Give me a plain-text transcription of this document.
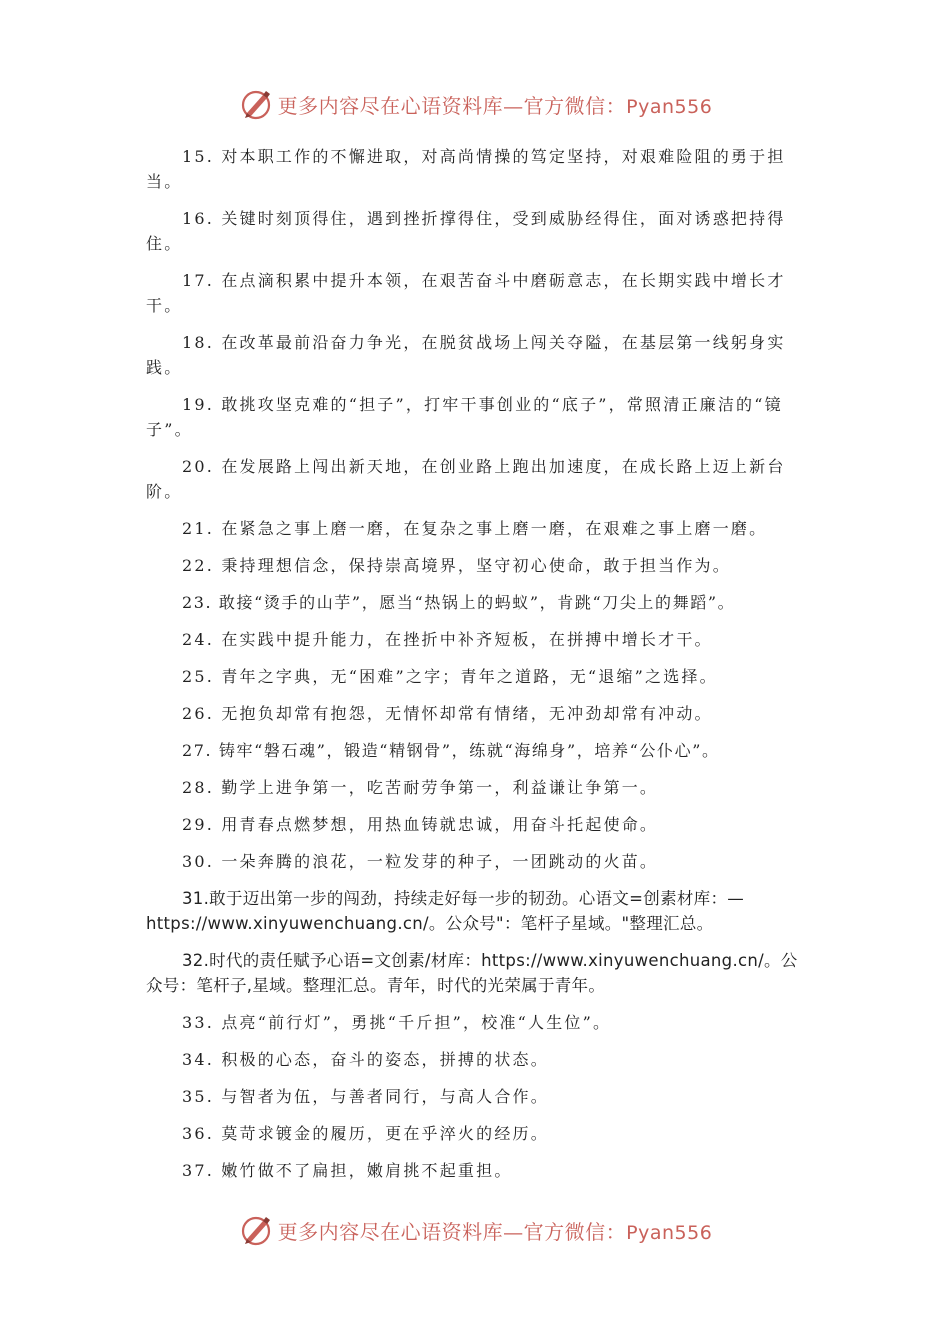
更多内容尽在心语资料库—官方微信：Pyan556

15. 对本职工作的不懈进取，对高尚情操的笃定坚持，对艰难险阻的勇于担当。

16. 关键时刻顶得住，遇到挫折撑得住，受到威胁经得住，面对诱惑把持得住。

17. 在点滴积累中提升本领，在艰苦奋斗中磨砺意志，在长期实践中增长才干。

18. 在改革最前沿奋力争光，在脱贫战场上闯关夺隘，在基层第一线躬身实践。

19. 敢挑攻坚克难的“担子”，打牢干事创业的“底子”，常照清正廉洁的“镜子”。

20. 在发展路上闯出新天地，在创业路上跑出加速度，在成长路上迈上新台阶。

21. 在紧急之事上磨一磨，在复杂之事上磨一磨，在艰难之事上磨一磨。

22. 秉持理想信念，保持崇高境界，坚守初心使命，敢于担当作为。

23. 敢接“烫手的山芋”，愿当“热锅上的蚂蚁”，肯跳“刀尖上的舞蹈”。

24. 在实践中提升能力，在挫折中补齐短板，在拼搏中增长才干。

25. 青年之字典，无“困难”之字；青年之道路，无“退缩”之选择。

26. 无抱负却常有抱怨，无情怀却常有情绪，无冲劲却常有冲动。

27. 铸牢“磐石魂”，锻造“精钢骨”，练就“海绵身”，培养“公仆心”。

28. 勤学上进争第一，吃苦耐劳争第一，利益谦让争第一。

29. 用青春点燃梦想，用热血铸就忠诚，用奋斗托起使命。

30. 一朵奔腾的浪花，一粒发芽的种子，一团跳动的火苗。

31.敢于迈出第一步的闯劲，持续走好每一步的韧劲。心语文=创素材库：—https://www.xinyuwenchuang.cn/。公众号"：笔杆子星域。"整理汇总。

32.时代的责任赋予心语=文创素/材库：https://www.xinyuwenchuang.cn/。公众号：笔杆子,星域。整理汇总。青年，时代的光荣属于青年。

33. 点亮“前行灯”，勇挑“千斤担”，校准“人生位”。

34. 积极的心态，奋斗的姿态，拼搏的状态。

35. 与智者为伍，与善者同行，与高人合作。

36. 莫苛求镀金的履历，更在乎淬火的经历。

37. 嫩竹做不了扁担，嫩肩挑不起重担。

更多内容尽在心语资料库—官方微信：Pyan556
